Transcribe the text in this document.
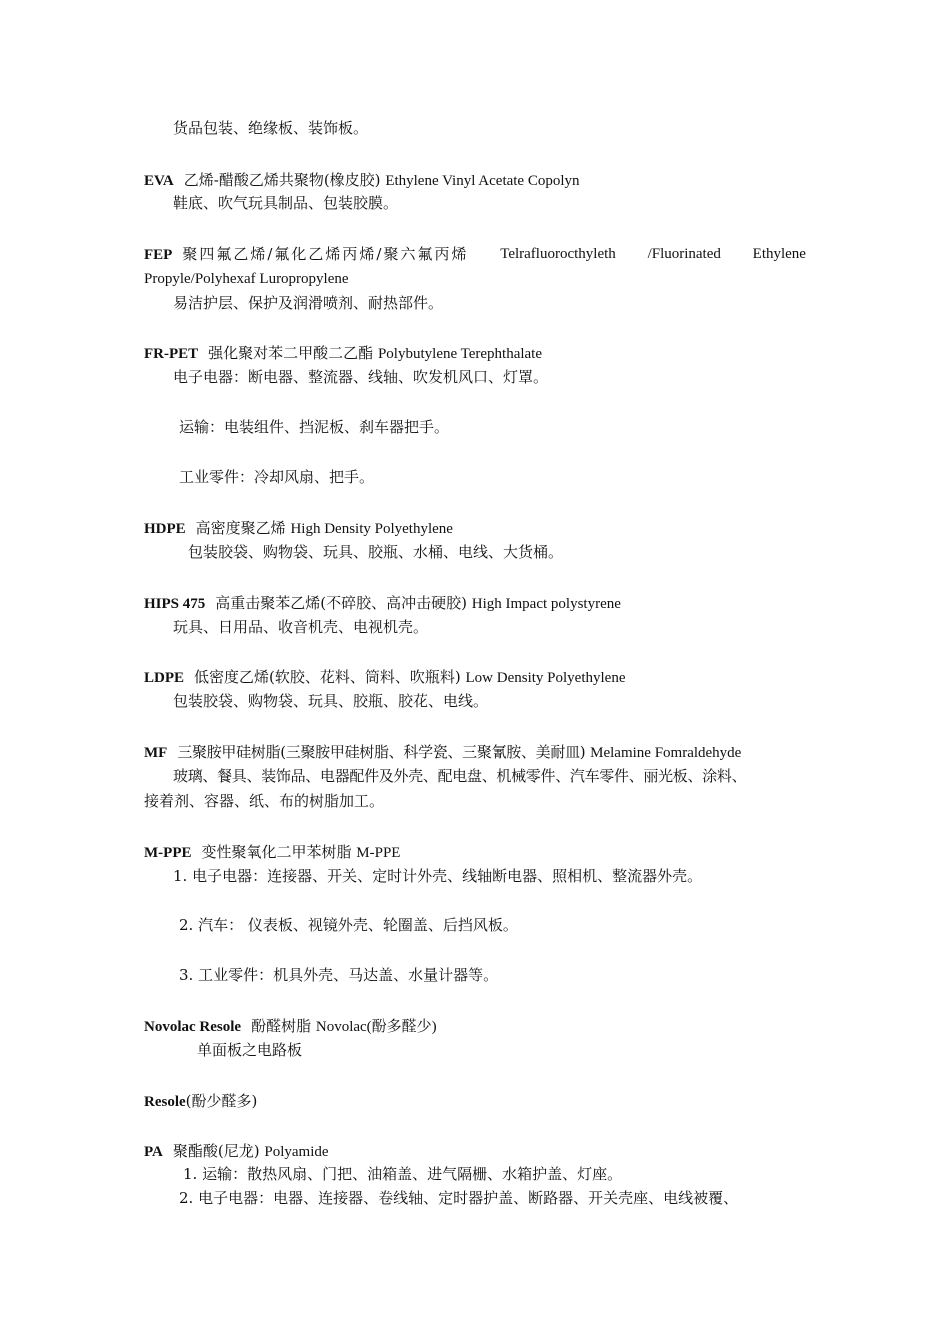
货品包装、绝缘板、装饰板。
EVA 乙烯-醋酸乙烯共聚物(橡皮胶) Ethylene Vinyl Acetate Copolyn
鞋底、吹气玩具制品、包装胶膜。
FEP 聚四氟乙烯/氟化乙烯丙烯/聚六氟丙烯 Telrafluorocthyleth /Fluorinated Ethylene
Propyle/Polyhexaf Luropropylene
易洁护层、保护及润滑喷剂、耐热部件。
FR-PET 强化聚对苯二甲酸二乙酯 Polybutylene Terephthalate
电子电器：断电器、整流器、线轴、吹发机风口、灯罩。
运输：电装组件、挡泥板、刹车器把手。
工业零件：冷却风扇、把手。
HDPE 高密度聚乙烯 High Density Polyethylene
包装胶袋、购物袋、玩具、胶瓶、水桶、电线、大货桶。
HIPS 475 高重击聚苯乙烯(不碎胶、高冲击硬胶) High Impact polystyrene
玩具、日用品、收音机壳、电视机壳。
LDPE 低密度乙烯(软胶、花料、筒料、吹瓶料) Low Density Polyethylene
包装胶袋、购物袋、玩具、胶瓶、胶花、电线。
MF 三聚胺甲硅树脂(三聚胺甲硅树脂、科学瓷、三聚氰胺、美耐皿) Melamine Fomraldehyde
玻璃、餐具、装饰品、电器配件及外壳、配电盘、机械零件、汽车零件、丽光板、涂料、
接着剂、容器、纸、布的树脂加工。
M-PPE 变性聚氧化二甲苯树脂 M-PPE
1. 电子电器：连接器、开关、定时计外壳、线轴断电器、照相机、整流器外壳。
2. 汽车： 仪表板、视镜外壳、轮圈盖、后挡风板。
3. 工业零件：机具外壳、马达盖、水量计器等。
Novolac Resole 酚醛树脂 Novolac(酚多醛少)
单面板之电路板
Resole(酚少醛多)
PA 聚酯酸(尼龙) Polyamide
1. 运输：散热风扇、门把、油箱盖、进气隔栅、水箱护盖、灯座。
2. 电子电器：电器、连接器、卷线轴、定时器护盖、断路器、开关壳座、电线被覆、
